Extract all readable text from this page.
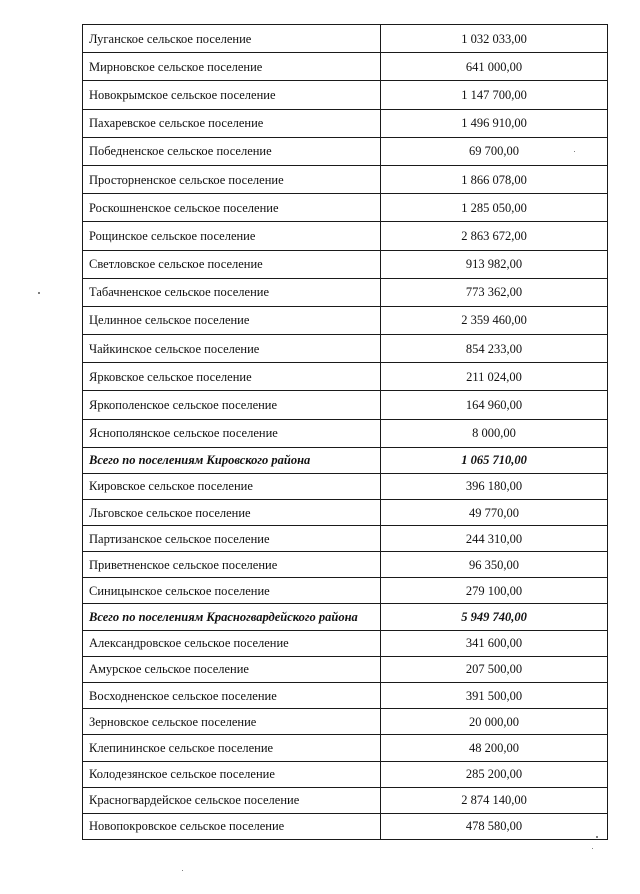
Луганское сельское поселение	1 032 033,00
Мирновское сельское поселение	641 000,00
Новокрымское сельское поселение	1 147 700,00
Пахаревское сельское поселение	1 496 910,00
Победненское сельское поселение	69 700,00
Просторненское сельское поселение	1 866 078,00
Роскошненское сельское поселение	1 285 050,00
Рощинское сельское поселение	2 863 672,00
Светловское сельское поселение	913 982,00
Табачненское сельское поселение	773 362,00
Целинное сельское поселение	2 359 460,00
Чайкинское сельское поселение	854 233,00
Ярковское сельское поселение	211 024,00
Яркополенское сельское поселение	164 960,00
Яснополянское сельское поселение	8 000,00
Всего по поселениям Кировского района	1 065 710,00
Кировское сельское поселение	396 180,00
Льговское сельское поселение	49 770,00
Партизанское сельское поселение	244 310,00
Приветненское сельское поселение	96 350,00
Синицынское сельское поселение	279 100,00
Всего по поселениям Красногвардейского района	5 949 740,00
Александровское сельское поселение	341 600,00
Амурское сельское поселение	207 500,00
Восходненское сельское поселение	391 500,00
Зерновское сельское поселение	20 000,00
Клепининское сельское поселение	48 200,00
Колодезянское сельское поселение	285 200,00
Красногвардейское сельское поселение	2 874 140,00
Новопокровское сельское поселение	478 580,00
